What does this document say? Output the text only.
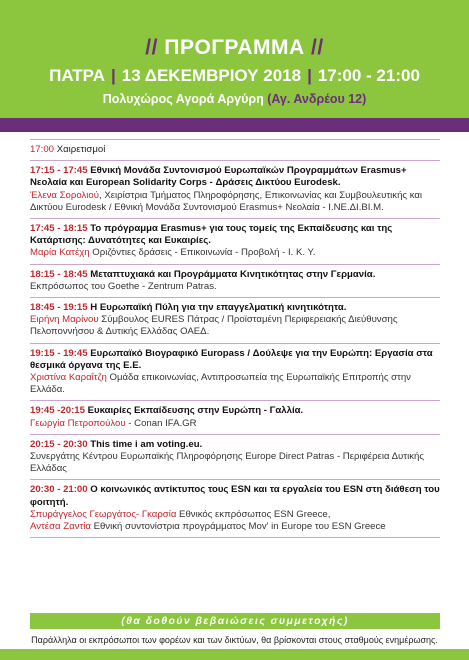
// ΠΡΟΓΡΑΜΜΑ //
ΠΑΤΡΑ | 13 ΔΕΚΕΜΒΡΙΟΥ 2018 | 17:00 - 21:00
Πολυχώρος Αγορά Αργύρη (Αγ. Ανδρέου 12)
17:00 Χαιρετισμοί
17:15 - 17:45 Εθνική Μονάδα Συντονισμού Ευρωπαϊκών Προγραμμάτων Erasmus+ Νεολαία και European Solidarity Corps - Δράσεις Δικτύου Eurodesk.
Έλενα Σορολιού, Χειρίστρια Τμήματος Πληροφόρησης, Επικοινωνίας και Συμβουλευτικής και Δικτύου Eurodesk / Εθνική Μονάδα Συντονισμού Erasmus+ Νεολαία - Ι.ΝΕ.ΔΙ.ΒΙ.Μ.
17:45 - 18:15 Το πρόγραμμα Erasmus+ για τους τομείς της Εκπαίδευσης και της Κατάρτισης: Δυνατότητες και Ευκαιρίες.
Μαρία Κατέχη Οριζόντιες δράσεις - Επικοινωνία - Προβολή - Ι. Κ. Υ.
18:15 - 18:45 Μεταπτυχιακά και Προγράμματα Κινητικότητας στην Γερμανία.
Εκπρόσωπος του Goethe - Zentrum Patras.
18:45 - 19:15 Η Ευρωπαϊκή Πύλη για την επαγγελματική κινητικότητα.
Ειρήνη Μαρίνου Σύμβουλος EURES Πάτρας / Προϊσταμένη Περιφερειακής Διεύθυνσης Πελοποννήσου & Δυτικής Ελλάδας ΟΑΕΔ.
19:15 - 19:45 Ευρωπαϊκό Βιογραφικό Europass / Δούλεψε για την Ευρώπη: Εργασία στα θεσμικά όργανα της Ε.Ε.
Χριστίνα Καραΐτζη Ομάδα επικοινωνίας, Αντιπροσωπεία της Ευρωπαϊκής Επιτροπής στην Ελλάδα.
19:45 -20:15 Ευκαιρίες Εκπαίδευσης στην Ευρώπη - Γαλλία.
Γεωργία Πετροπούλου - Conan IFA.GR
20:15 - 20:30 This time i am voting.eu.
Συνεργάτης Κέντρου Ευρωπαϊκής Πληροφόρησης Europe Direct Patras - Περιφέρεια Δυτικής Ελλάδας
20:30 - 21:00 Ο κοινωνικός αντίκτυπος τους ESN και τα εργαλεία του ESN στη διάθεση του φοιτητή.
Σπυράγγελος Γεωργάτος- Γκαρσία Εθνικός εκπρόσωπος ESN Greece,
Αντέσα Ζαντία Εθνική συντονίστρια προγράμματος Mov' in Europe του ESN Greece
(θα δοθούν βεβαιώσεις συμμετοχής)
Παράλληλα οι εκπρόσωποι των φορέων και των δικτύων, θα βρίσκονται στους σταθμούς ενημέρωσης.
